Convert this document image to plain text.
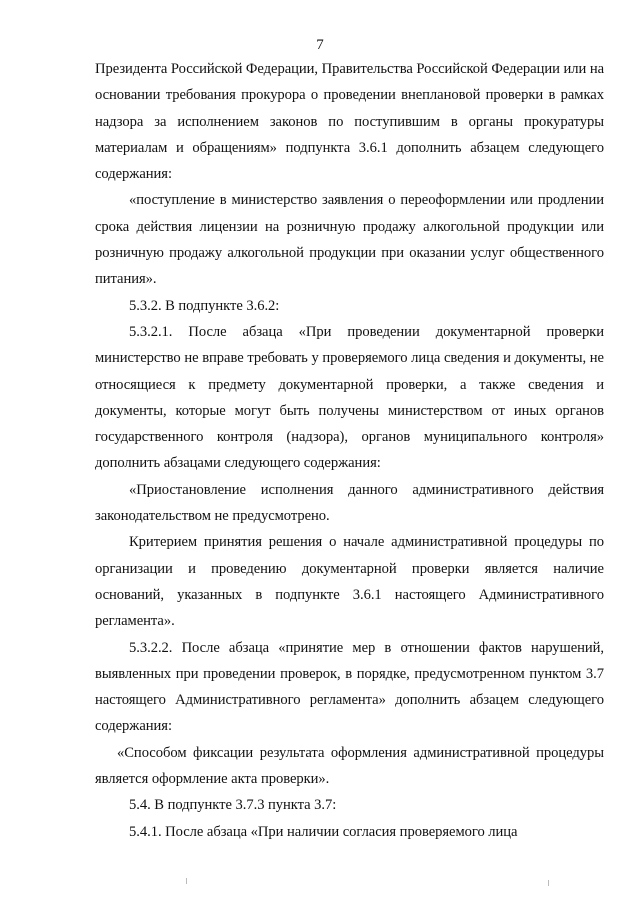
7

Президента Российской Федерации, Правительства Российской Федерации или на основании требования прокурора о проведении внеплановой проверки в рамках надзора за исполнением законов по поступившим в органы прокуратуры материалам и обращениям» подпункта 3.6.1 дополнить абзацем следующего содержания:

«поступление в министерство заявления о переоформлении или продлении срока действия лицензии на розничную продажу алкогольной продукции или розничную продажу алкогольной продукции при оказании услуг общественного питания».

5.3.2. В подпункте 3.6.2:

5.3.2.1. После абзаца «При проведении документарной проверки министерство не вправе требовать у проверяемого лица сведения и документы, не относящиеся к предмету документарной проверки, а также сведения и документы, которые могут быть получены министерством от иных органов государственного контроля (надзора), органов муниципального контроля» дополнить абзацами следующего содержания:

«Приостановление исполнения данного административного действия законодательством не предусмотрено.

Критерием принятия решения о начале административной процедуры по организации и проведению документарной проверки является наличие оснований, указанных в подпункте 3.6.1 настоящего Административного регламента».

5.3.2.2. После абзаца «принятие мер в отношении фактов нарушений, выявленных при проведении проверок, в порядке, предусмотренном пунктом 3.7 настоящего Административного регламента» дополнить абзацем следующего содержания:

«Способом фиксации результата оформления административной процедуры является оформление акта проверки».

5.4. В подпункте 3.7.3 пункта 3.7:

5.4.1. После абзаца «При наличии согласия проверяемого лица
